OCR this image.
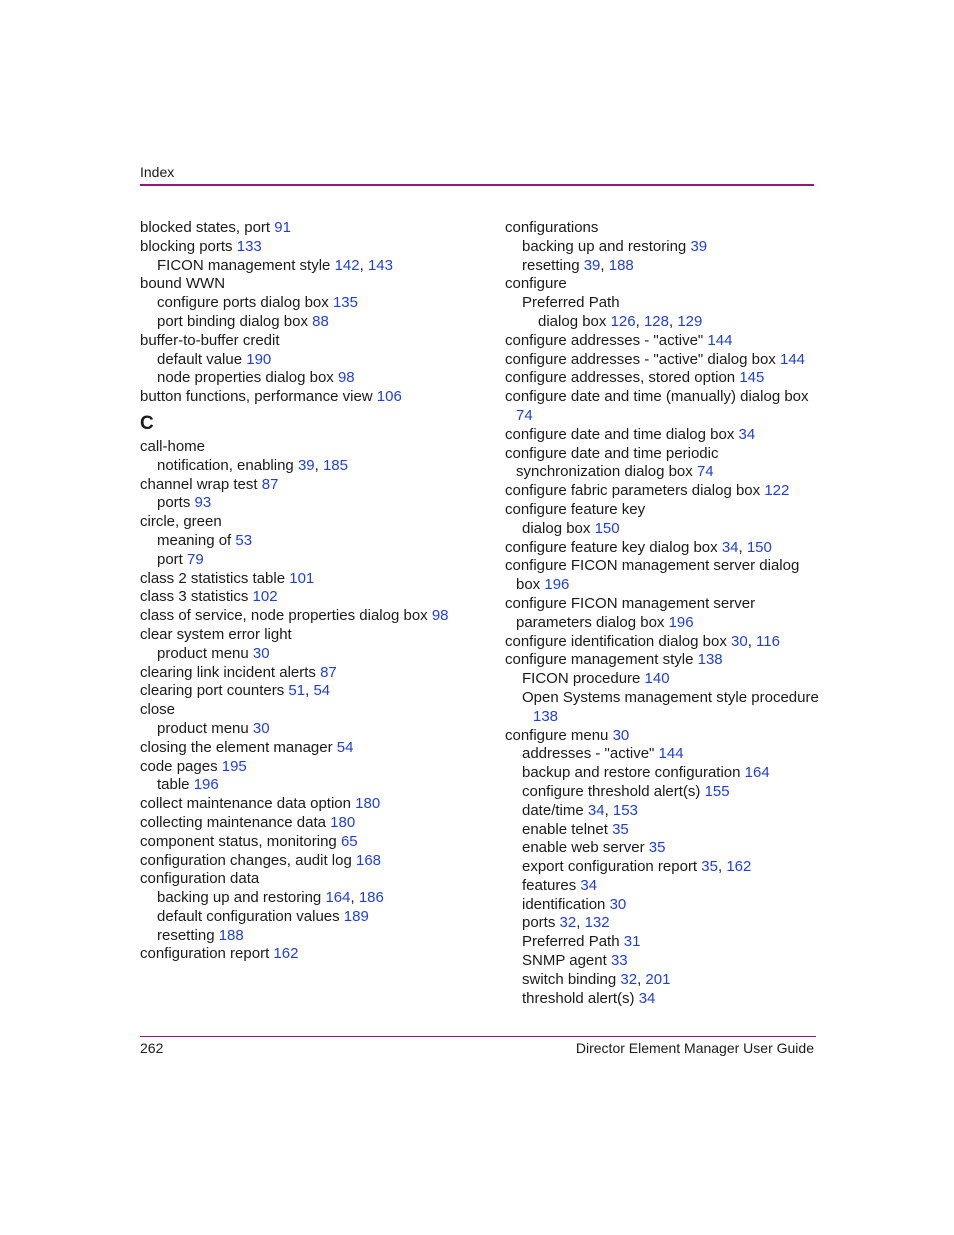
Index
blocked states, port 91
blocking ports 133
FICON management style 142, 143
bound WWN
configure ports dialog box 135
port binding dialog box 88
buffer-to-buffer credit
default value 190
node properties dialog box 98
button functions, performance view 106
C
call-home
notification, enabling 39, 185
channel wrap test 87
ports 93
circle, green
meaning of 53
port 79
class 2 statistics table 101
class 3 statistics 102
class of service, node properties dialog box 98
clear system error light
product menu 30
clearing link incident alerts 87
clearing port counters 51, 54
close
product menu 30
closing the element manager 54
code pages 195
table 196
collect maintenance data option 180
collecting maintenance data 180
component status, monitoring 65
configuration changes, audit log 168
configuration data
backing up and restoring 164, 186
default configuration values 189
resetting 188
configuration report 162
configurations
backing up and restoring 39
resetting 39, 188
configure
Preferred Path
dialog box 126, 128, 129
configure addresses - "active" 144
configure addresses - "active" dialog box 144
configure addresses, stored option 145
configure date and time (manually) dialog box
74
configure date and time dialog box 34
configure date and time periodic
synchronization dialog box 74
configure fabric parameters dialog box 122
configure feature key
dialog box 150
configure feature key dialog box 34, 150
configure FICON management server dialog
box 196
configure FICON management server
parameters dialog box 196
configure identification dialog box 30, 116
configure management style 138
FICON procedure 140
Open Systems management style procedure
138
configure menu 30
addresses - "active" 144
backup and restore configuration 164
configure threshold alert(s) 155
date/time 34, 153
enable telnet 35
enable web server 35
export configuration report 35, 162
features 34
identification 30
ports 32, 132
Preferred Path 31
SNMP agent 33
switch binding 32, 201
threshold alert(s) 34
262	Director Element Manager User Guide
